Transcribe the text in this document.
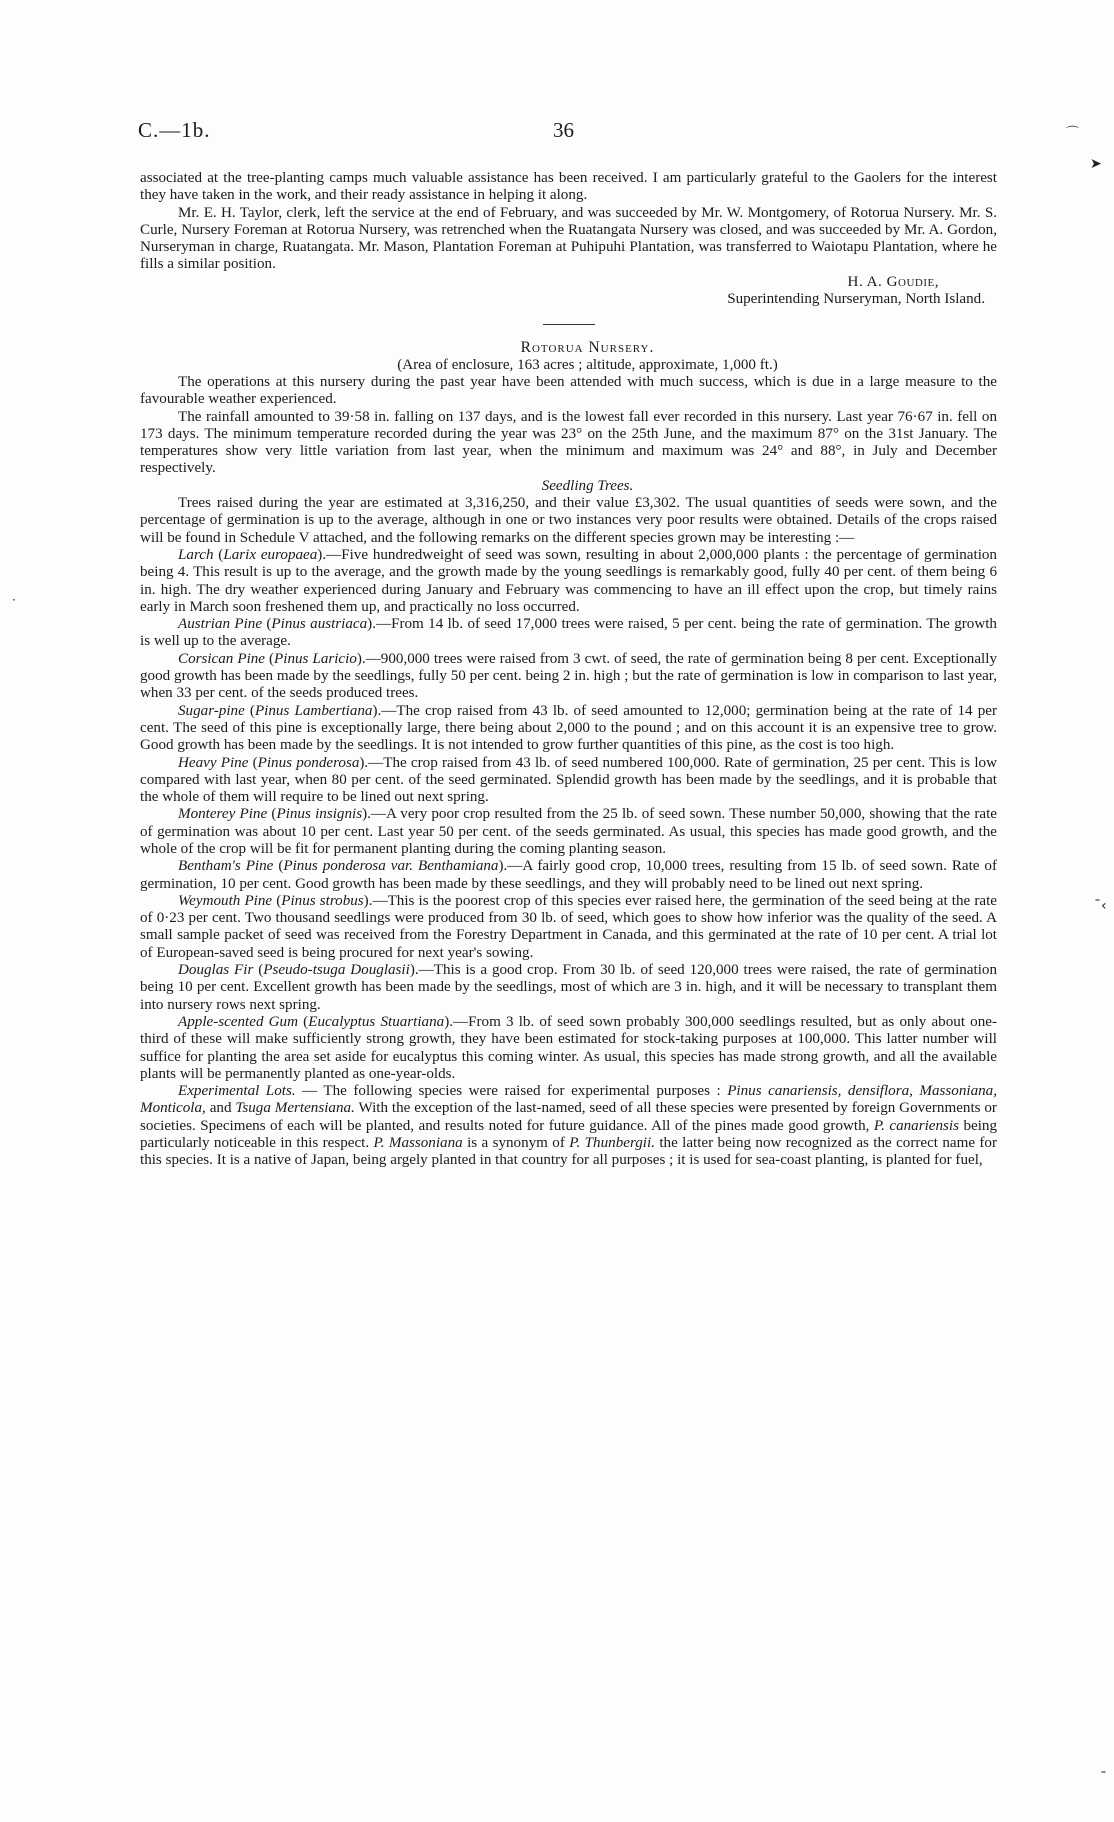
C.—1b.	36	⌒
➤
·
ˉ‹
ˉ

associated at the tree-planting camps much valuable assistance has been received. I am particularly grateful to the Gaolers for the interest they have taken in the work, and their ready assistance in helping it along.

Mr. E. H. Taylor, clerk, left the service at the end of February, and was succeeded by Mr. W. Montgomery, of Rotorua Nursery. Mr. S. Curle, Nursery Foreman at Rotorua Nursery, was retrenched when the Ruatangata Nursery was closed, and was succeeded by Mr. A. Gordon, Nurseryman in charge, Ruatangata. Mr. Mason, Plantation Foreman at Puhipuhi Plantation, was transferred to Waiotapu Plantation, where he fills a similar position.

H. A. Goudie,

Superintending Nurseryman, North Island.

Rotorua Nursery.

(Area of enclosure, 163 acres ; altitude, approximate, 1,000 ft.)

The operations at this nursery during the past year have been attended with much success, which is due in a large measure to the favourable weather experienced.

The rainfall amounted to 39·58 in. falling on 137 days, and is the lowest fall ever recorded in this nursery. Last year 76·67 in. fell on 173 days. The minimum temperature recorded during the year was 23° on the 25th June, and the maximum 87° on the 31st January. The temperatures show very little variation from last year, when the minimum and maximum was 24° and 88°, in July and December respectively.

Seedling Trees.

Trees raised during the year are estimated at 3,316,250, and their value £3,302. The usual quantities of seeds were sown, and the percentage of germination is up to the average, although in one or two instances very poor results were obtained. Details of the crops raised will be found in Schedule V attached, and the following remarks on the different species grown may be interesting :—

Larch (Larix europaea).—Five hundredweight of seed was sown, resulting in about 2,000,000 plants : the percentage of germination being 4. This result is up to the average, and the growth made by the young seedlings is remarkably good, fully 40 per cent. of them being 6 in. high. The dry weather experienced during January and February was commencing to have an ill effect upon the crop, but timely rains early in March soon freshened them up, and practically no loss occurred.

Austrian Pine (Pinus austriaca).—From 14 lb. of seed 17,000 trees were raised, 5 per cent. being the rate of germination. The growth is well up to the average.

Corsican Pine (Pinus Laricio).—900,000 trees were raised from 3 cwt. of seed, the rate of germination being 8 per cent. Exceptionally good growth has been made by the seedlings, fully 50 per cent. being 2 in. high ; but the rate of germination is low in comparison to last year, when 33 per cent. of the seeds produced trees.

Sugar-pine (Pinus Lambertiana).—The crop raised from 43 lb. of seed amounted to 12,000; germination being at the rate of 14 per cent. The seed of this pine is exceptionally large, there being about 2,000 to the pound ; and on this account it is an expensive tree to grow. Good growth has been made by the seedlings. It is not intended to grow further quantities of this pine, as the cost is too high.

Heavy Pine (Pinus ponderosa).—The crop raised from 43 lb. of seed numbered 100,000. Rate of germination, 25 per cent. This is low compared with last year, when 80 per cent. of the seed germinated. Splendid growth has been made by the seedlings, and it is probable that the whole of them will require to be lined out next spring.

Monterey Pine (Pinus insignis).—A very poor crop resulted from the 25 lb. of seed sown. These number 50,000, showing that the rate of germination was about 10 per cent. Last year 50 per cent. of the seeds germinated. As usual, this species has made good growth, and the whole of the crop will be fit for permanent planting during the coming planting season.

Bentham's Pine (Pinus ponderosa var. Benthamiana).—A fairly good crop, 10,000 trees, resulting from 15 lb. of seed sown. Rate of germination, 10 per cent. Good growth has been made by these seedlings, and they will probably need to be lined out next spring.

Weymouth Pine (Pinus strobus).—This is the poorest crop of this species ever raised here, the germination of the seed being at the rate of 0·23 per cent. Two thousand seedlings were produced from 30 lb. of seed, which goes to show how inferior was the quality of the seed. A small sample packet of seed was received from the Forestry Department in Canada, and this germinated at the rate of 10 per cent. A trial lot of European-saved seed is being procured for next year's sowing.

Douglas Fir (Pseudo-tsuga Douglasii).—This is a good crop. From 30 lb. of seed 120,000 trees were raised, the rate of germination being 10 per cent. Excellent growth has been made by the seedlings, most of which are 3 in. high, and it will be necessary to transplant them into nursery rows next spring.

Apple-scented Gum (Eucalyptus Stuartiana).—From 3 lb. of seed sown probably 300,000 seedlings resulted, but as only about one-third of these will make sufficiently strong growth, they have been estimated for stock-taking purposes at 100,000. This latter number will suffice for planting the area set aside for eucalyptus this coming winter. As usual, this species has made strong growth, and all the available plants will be permanently planted as one-year-olds.

Experimental Lots. — The following species were raised for experimental purposes : Pinus canariensis, densiflora, Massoniana, Monticola, and Tsuga Mertensiana. With the exception of the last-named, seed of all these species were presented by foreign Governments or societies. Specimens of each will be planted, and results noted for future guidance. All of the pines made good growth, P. canariensis being particularly noticeable in this respect. P. Massoniana is a synonym of P. Thunbergii. the latter being now recognized as the correct name for this species. It is a native of Japan, being argely planted in that country for all purposes ; it is used for sea-coast planting, is planted for fuel,
